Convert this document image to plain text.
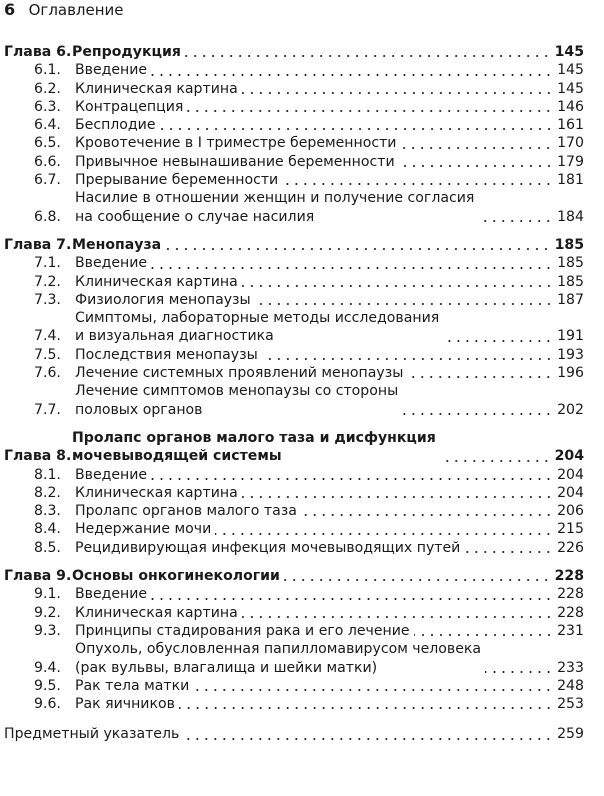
6 Оглавление
Глава 6. Репродукция	145
6.1. Введение	145
6.2. Клиническая картина	145
6.3. Контрацепция	146
6.4. Бесплодие	161
6.5. Кровотечение в I триместре беременности	170
6.6. Привычное невынашивание беременности	179
6.7. Прерывание беременности	181
6.8.
Насилие в отношении женщин и получение согласия
на сообщение о случае насилия	184
Глава 7. Менопауза	185
7.1. Введение	185
7.2. Клиническая картина	185
7.3. Физиология менопаузы	187
7.4.
Симптомы, лабораторные методы исследования
и визуальная диагностика	191
7.5. Последствия менопаузы	193
7.6. Лечение системных проявлений менопаузы	196
7.7.
Лечение симптомов менопаузы со стороны
половых органов	202
Глава 8.
Пролапс органов малого таза и дисфункция
мочевыводящей системы	204
8.1. Введение	204
8.2. Клиническая картина	204
8.3. Пролапс органов малого таза	206
8.4. Недержание мочи	215
8.5. Рецидивирующая инфекция мочевыводящих путей	226
Глава 9. Основы онкогинекологии	228
9.1. Введение	228
9.2. Клиническая картина	228
9.3. Принципы стадирования рака и его лечение	231
9.4.
Опухоль, обусловленная папилломавирусом человека
(рак вульвы, влагалища и шейки матки)	233
9.5. Рак тела матки	248
9.6. Рак яичников	253
Предметный указатель	259
